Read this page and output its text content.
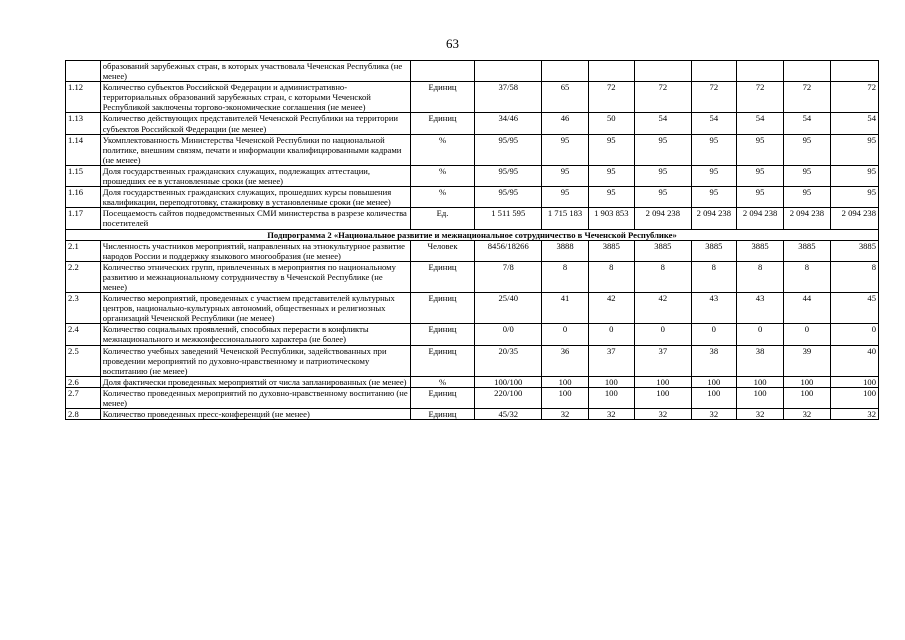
63
	образований зарубежных стран, в которых участвовала Чеченская Республика (не менее)									
1.12	Количество субъектов Российской Федерации и административно-территориальных образований зарубежных стран, с которыми Чеченской Республикой заключены торгово-экономические соглашения (не менее)	Единиц	37/58	65	72	72	72	72	72	72
1.13	Количество действующих представителей Чеченской Республики на территории субъектов Российской Федерации (не менее)	Единиц	34/46	46	50	54	54	54	54	54
1.14	Укомплектованность Министерства Чеченской Республики по национальной политике, внешним связям, печати и информации квалифицированными кадрами (не менее)	%	95/95	95	95	95	95	95	95	95
1.15	Доля государственных гражданских служащих, подлежащих аттестации, прошедших ее в установленные сроки (не менее)	%	95/95	95	95	95	95	95	95	95
1.16	Доля государственных гражданских служащих, прошедших курсы повышения квалификации, переподготовку, стажировку в установленные сроки (не менее)	%	95/95	95	95	95	95	95	95	95
1.17	Посещаемость сайтов подведомственных СМИ министерства в разрезе количества посетителей	Ед.	1 511 595	1 715 183	1 903 853	2 094 238	2 094 238	2 094 238	2 094 238	2 094 238
Подпрограмма 2 «Национальное развитие и межнациональное сотрудничество в Чеченской Республике»										
2.1	Численность участников мероприятий, направленных на этнокультурное развитие народов России и поддержку языкового многообразия (не менее)	Человек	8456/18266	3888	3885	3885	3885	3885	3885	3885
2.2	Количество этнических групп, привлеченных в мероприятия по национальному развитию и межнациональному сотрудничеству в Чеченской Республике (не менее)	Единиц	7/8	8	8	8	8	8	8	8
2.3	Количество мероприятий, проведенных с участием представителей культурных центров, национально-культурных автономий, общественных и религиозных организаций Чеченской Республики (не менее)	Единиц	25/40	41	42	42	43	43	44	45
2.4	Количество социальных проявлений, способных перерасти в конфликты межнационального и межконфессионального характера (не более)	Единиц	0/0	0	0	0	0	0	0	0
2.5	Количество учебных заведений Чеченской Республики, задействованных при проведении мероприятий по духовно-нравственному и патриотическому воспитанию (не менее)	Единиц	20/35	36	37	37	38	38	39	40
2.6	Доля фактически проведенных мероприятий от числа запланированных (не менее)	%	100/100	100	100	100	100	100	100	100
2.7	Количество проведенных мероприятий по духовно-нравственному воспитанию (не менее)	Единиц	220/100	100	100	100	100	100	100	100
2.8	Количество проведенных пресс-конференций (не менее)	Единиц	45/32	32	32	32	32	32	32	32
